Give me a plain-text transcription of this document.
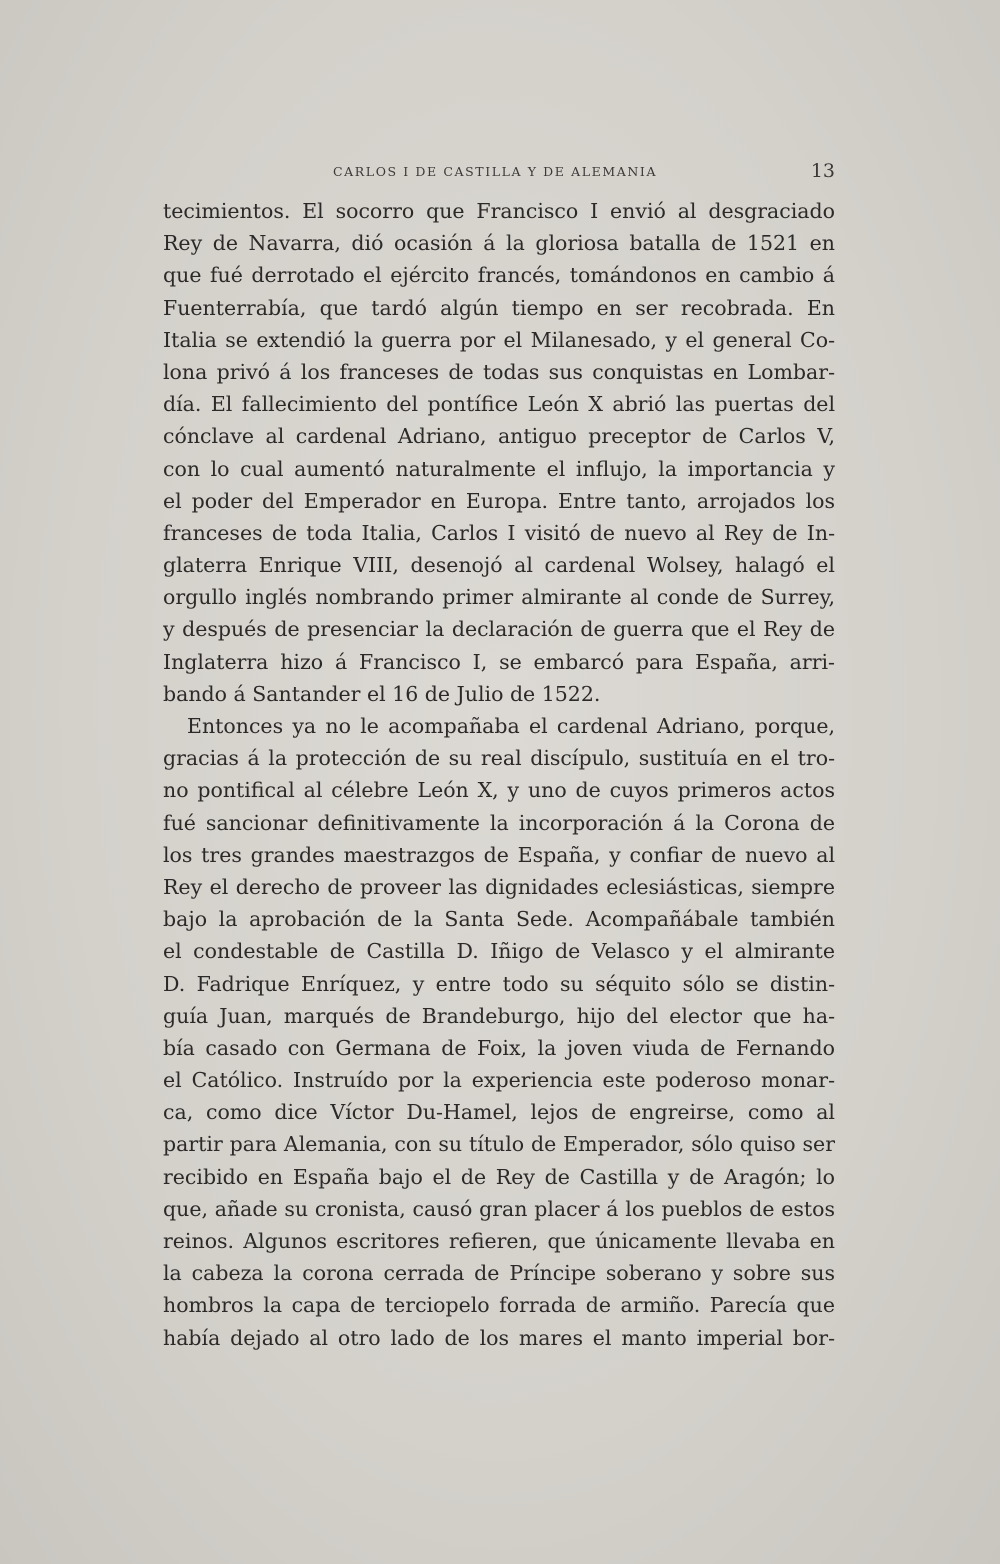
CARLOS I DE CASTILLA Y DE ALEMANIA	13
tecimientos. El socorro que Francisco I envió al desgraciado
Rey de Navarra, dió ocasión á la gloriosa batalla de 1521 en
que fué derrotado el ejército francés, tomándonos en cambio á
Fuenterrabía, que tardó algún tiempo en ser recobrada. En
Italia se extendió la guerra por el Milanesado, y el general Co-
lona privó á los franceses de todas sus conquistas en Lombar-
día. El fallecimiento del pontífice León X abrió las puertas del
cónclave al cardenal Adriano, antiguo preceptor de Carlos V,
con lo cual aumentó naturalmente el influjo, la importancia y
el poder del Emperador en Europa. Entre tanto, arrojados los
franceses de toda Italia, Carlos I visitó de nuevo al Rey de In-
glaterra Enrique VIII, desenojó al cardenal Wolsey, halagó el
orgullo inglés nombrando primer almirante al conde de Surrey,
y después de presenciar la declaración de guerra que el Rey de
Inglaterra hizo á Francisco I, se embarcó para España, arri-
bando á Santander el 16 de Julio de 1522.
Entonces ya no le acompañaba el cardenal Adriano, porque,
gracias á la protección de su real discípulo, sustituía en el tro-
no pontifical al célebre León X, y uno de cuyos primeros actos
fué sancionar definitivamente la incorporación á la Corona de
los tres grandes maestrazgos de España, y confiar de nuevo al
Rey el derecho de proveer las dignidades eclesiásticas, siempre
bajo la aprobación de la Santa Sede. Acompañábale también
el condestable de Castilla D. Iñigo de Velasco y el almirante
D. Fadrique Enríquez, y entre todo su séquito sólo se distin-
guía Juan, marqués de Brandeburgo, hijo del elector que ha-
bía casado con Germana de Foix, la joven viuda de Fernando
el Católico. Instruído por la experiencia este poderoso monar-
ca, como dice Víctor Du-Hamel, lejos de engreirse, como al
partir para Alemania, con su título de Emperador, sólo quiso ser
recibido en España bajo el de Rey de Castilla y de Aragón; lo
que, añade su cronista, causó gran placer á los pueblos de estos
reinos. Algunos escritores refieren, que únicamente llevaba en
la cabeza la corona cerrada de Príncipe soberano y sobre sus
hombros la capa de terciopelo forrada de armiño. Parecía que
había dejado al otro lado de los mares el manto imperial bor-
